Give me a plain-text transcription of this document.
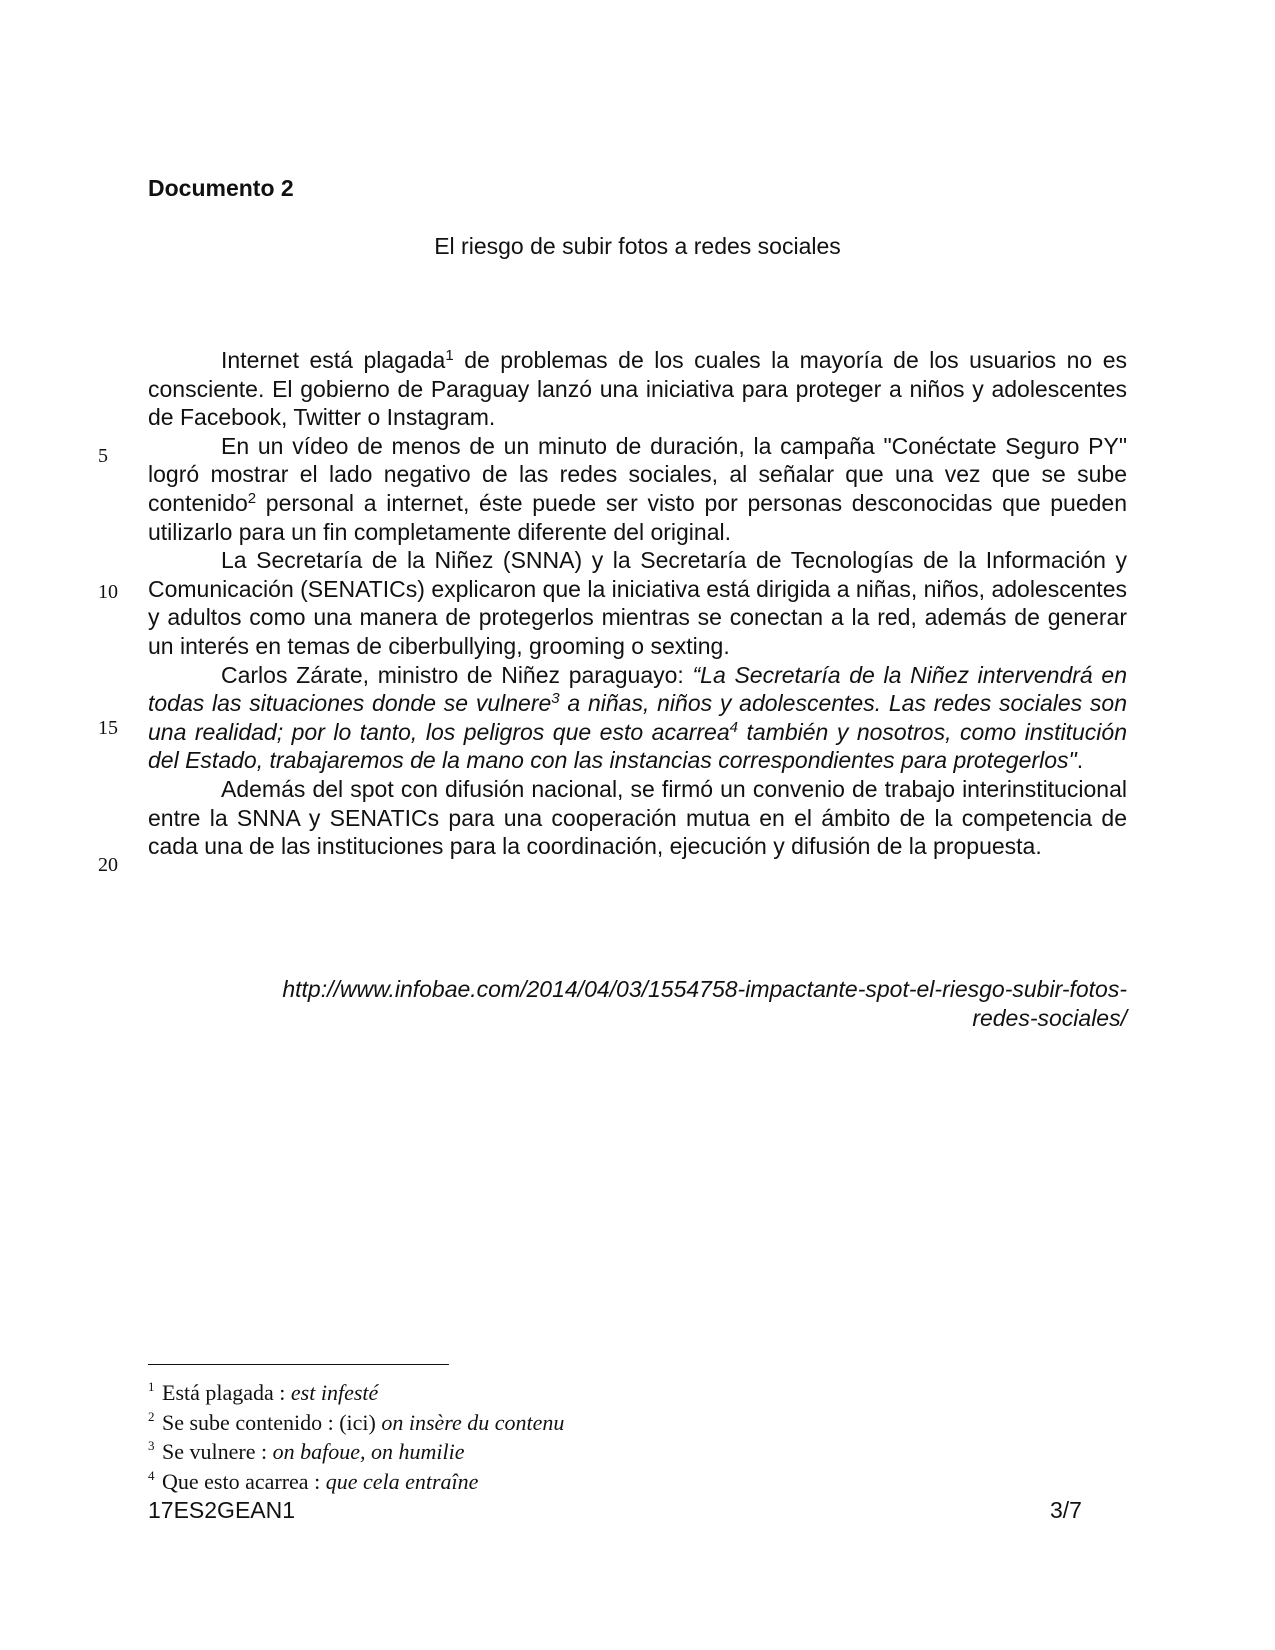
Documento 2
El riesgo de subir fotos a redes sociales

Internet está plagada$^1$ de problemas de los cuales la mayoría de los usuarios no es consciente. El gobierno de Paraguay lanzó una iniciativa para proteger a niños y adolescentes de Facebook, Twitter o Instagram.

En un vídeo de menos de un minuto de duración, la campaña "Conéctate Seguro PY" logró mostrar el lado negativo de las redes sociales, al señalar que una vez que se sube contenido$^2$ personal a internet, éste puede ser visto por personas desconocidas que pueden utilizarlo para un fin completamente diferente del original.

La Secretaría de la Niñez (SNNA) y la Secretaría de Tecnologías de la Información y Comunicación (SENATICs) explicaron que la iniciativa está dirigida a niñas, niños, adolescentes y adultos como una manera de protegerlos mientras se conectan a la red, además de generar un interés en temas de ciberbullying, grooming o sexting.

Carlos Zárate, ministro de Niñez paraguayo: “La Secretaría de la Niñez intervendrá en todas las situaciones donde se vulnere$^3$ a niñas, niños y adolescentes. Las redes sociales son una realidad; por lo tanto, los peligros que esto acarrea$^4$ también y nosotros, como institución del Estado, trabajaremos de la mano con las instancias correspondientes para protegerlos".

Además del spot con difusión nacional, se firmó un convenio de trabajo interinstitucional entre la SNNA y SENATICs para una cooperación mutua en el ámbito de la competencia de cada una de las instituciones para la coordinación, ejecución y difusión de la propuesta.

5
10
15
20
http://www.infobae.com/2014/04/03/1554758-impactante-spot-el-riesgo-subir-fotos-
redes-sociales/
1 Está plagada : est infesté
2 Se sube contenido : (ici) on insère du contenu
3 Se vulnere : on bafoue, on humilie
4 Que esto acarrea : que cela entraîne
17ES2GEAN1	3/7
